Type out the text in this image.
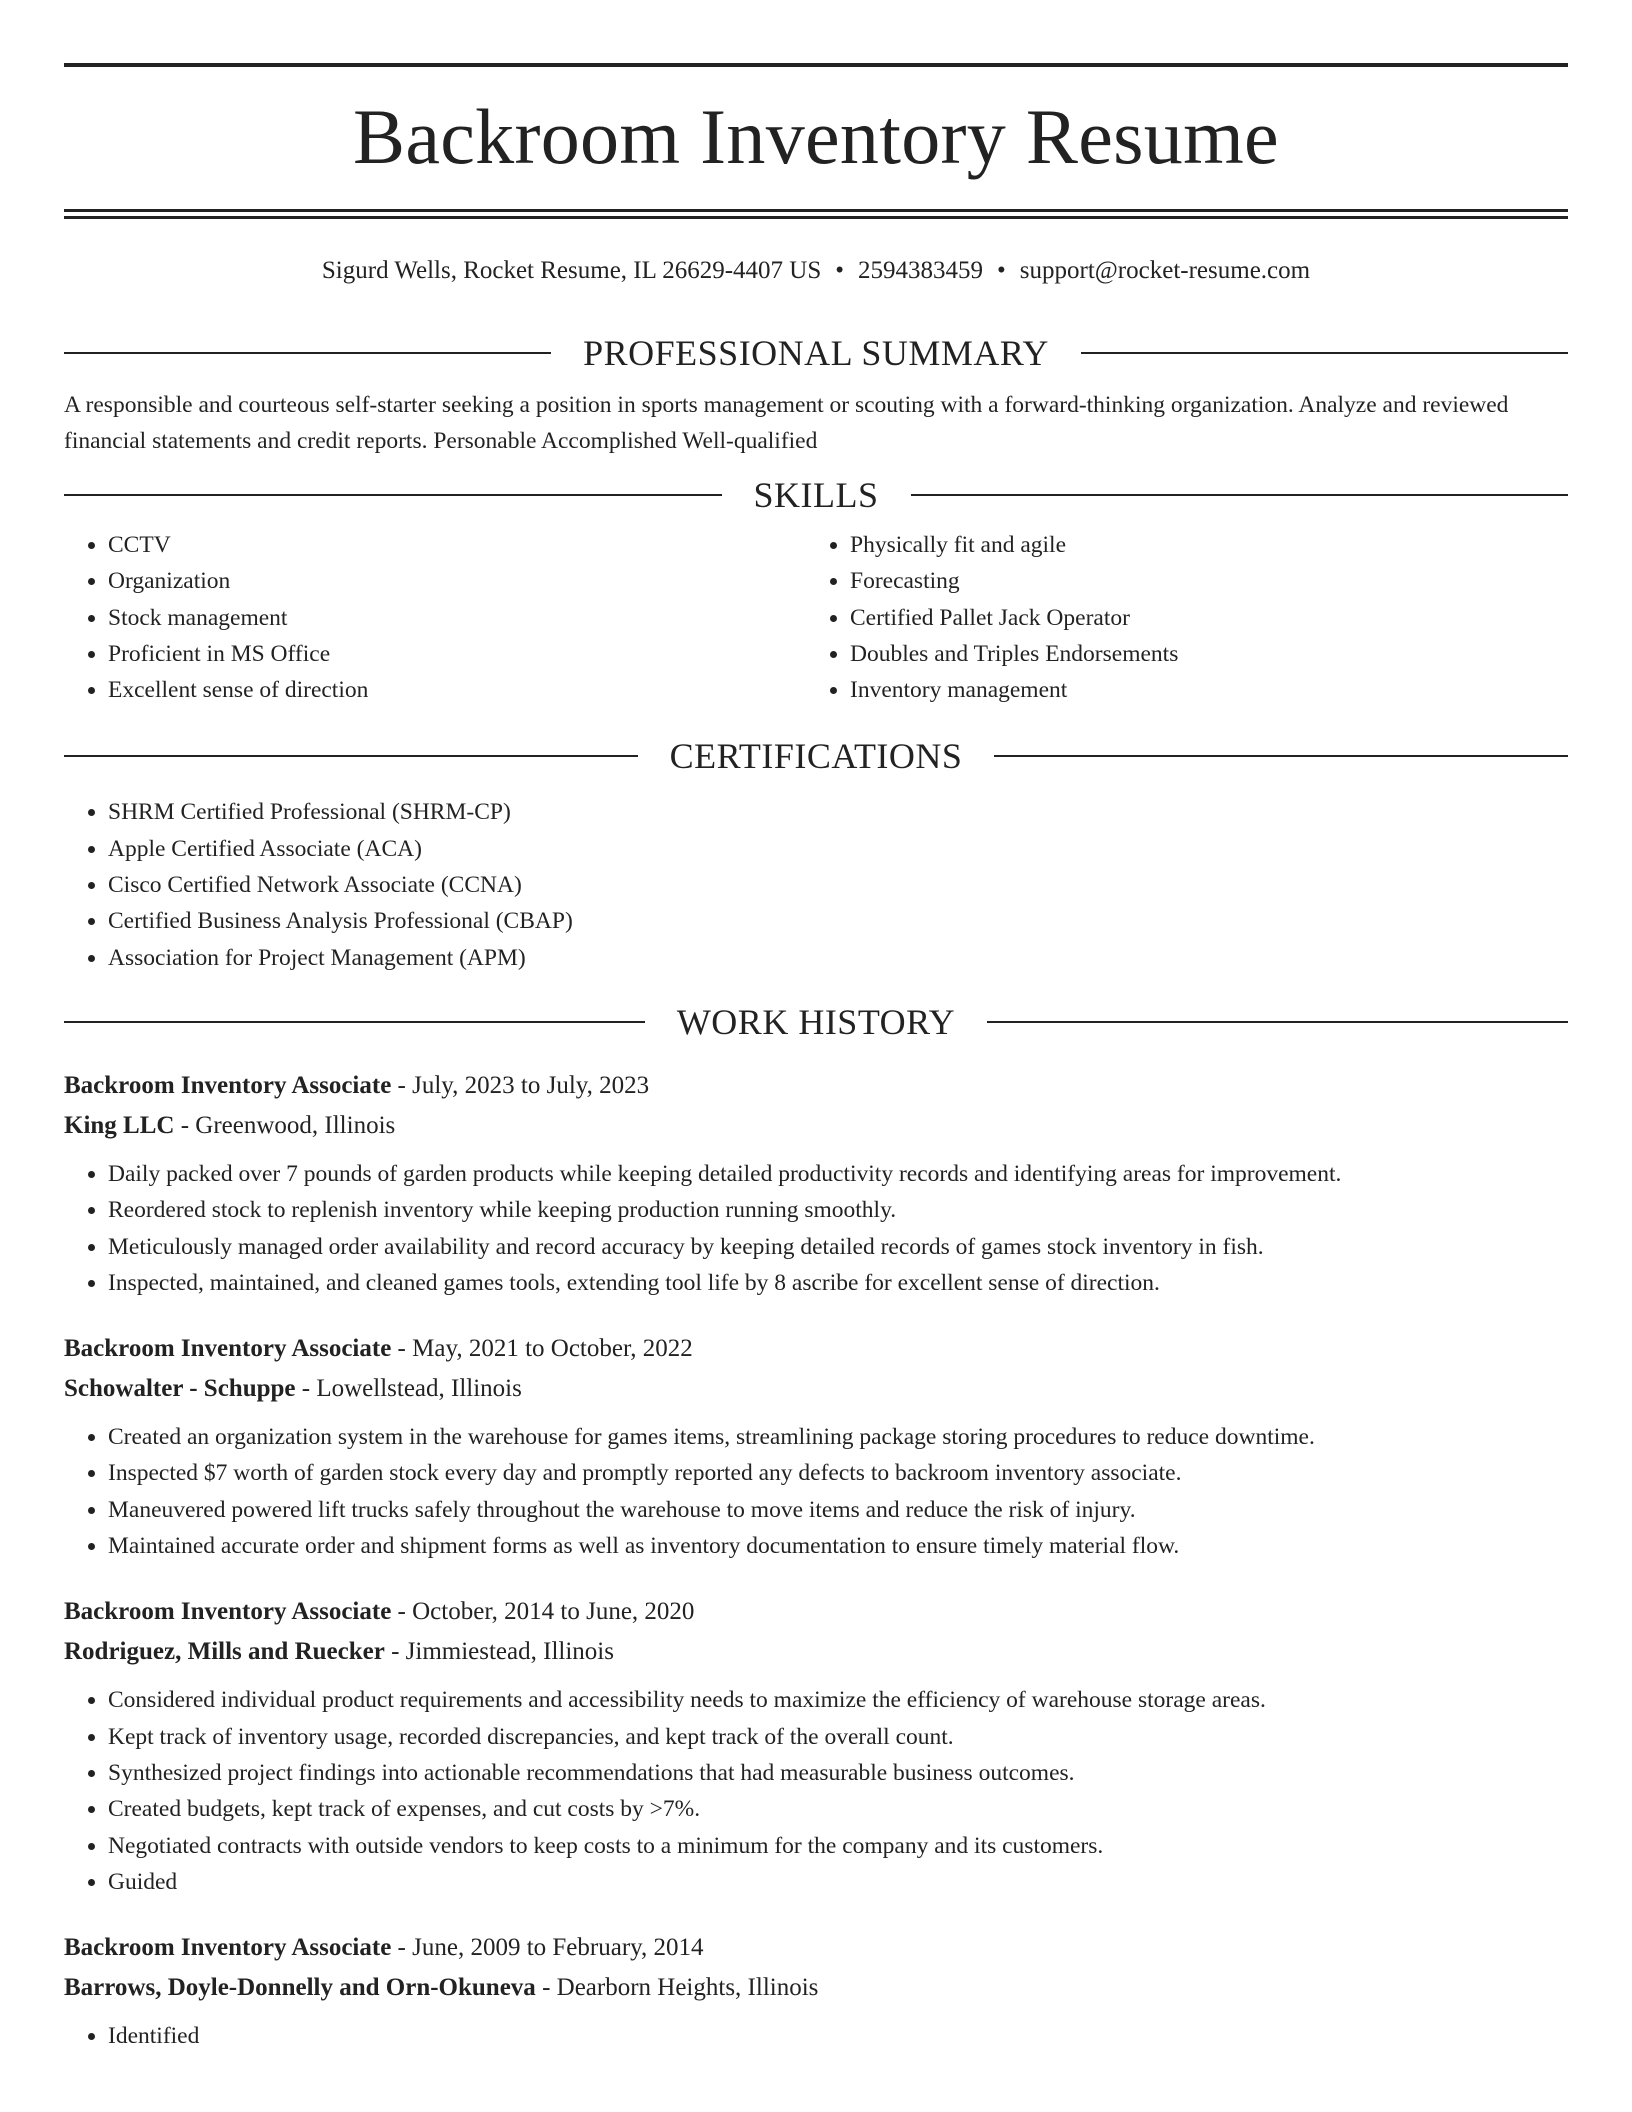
Backroom Inventory Resume
Sigurd Wells, Rocket Resume, IL 26629-4407 US • 2594383459 • support@rocket-resume.com
PROFESSIONAL SUMMARY

A responsible and courteous self-starter seeking a position in sports management or scouting with a forward-thinking organization. Analyze and reviewed financial statements and credit reports. Personable Accomplished Well-qualified

SKILLS
• CCTV
• Organization
• Stock management
• Proficient in MS Office
• Excellent sense of direction
• Physically fit and agile
• Forecasting
• Certified Pallet Jack Operator
• Doubles and Triples Endorsements
• Inventory management
CERTIFICATIONS
• SHRM Certified Professional (SHRM-CP)
• Apple Certified Associate (ACA)
• Cisco Certified Network Associate (CCNA)
• Certified Business Analysis Professional (CBAP)
• Association for Project Management (APM)
WORK HISTORY
Backroom Inventory Associate - July, 2023 to July, 2023
King LLC - Greenwood, Illinois
• Daily packed over 7 pounds of garden products while keeping detailed productivity records and identifying areas for improvement.
• Reordered stock to replenish inventory while keeping production running smoothly.
• Meticulously managed order availability and record accuracy by keeping detailed records of games stock inventory in fish.
• Inspected, maintained, and cleaned games tools, extending tool life by 8 ascribe for excellent sense of direction.
Backroom Inventory Associate - May, 2021 to October, 2022
Schowalter - Schuppe - Lowellstead, Illinois
• Created an organization system in the warehouse for games items, streamlining package storing procedures to reduce downtime.
• Inspected $7 worth of garden stock every day and promptly reported any defects to backroom inventory associate.
• Maneuvered powered lift trucks safely throughout the warehouse to move items and reduce the risk of injury.
• Maintained accurate order and shipment forms as well as inventory documentation to ensure timely material flow.
Backroom Inventory Associate - October, 2014 to June, 2020
Rodriguez, Mills and Ruecker - Jimmiestead, Illinois
• Considered individual product requirements and accessibility needs to maximize the efficiency of warehouse storage areas.
• Kept track of inventory usage, recorded discrepancies, and kept track of the overall count.
• Synthesized project findings into actionable recommendations that had measurable business outcomes.
• Created budgets, kept track of expenses, and cut costs by >7%.
• Negotiated contracts with outside vendors to keep costs to a minimum for the company and its customers.
• Guided
Backroom Inventory Associate - June, 2009 to February, 2014
Barrows, Doyle-Donnelly and Orn-Okuneva - Dearborn Heights, Illinois
• Identified
